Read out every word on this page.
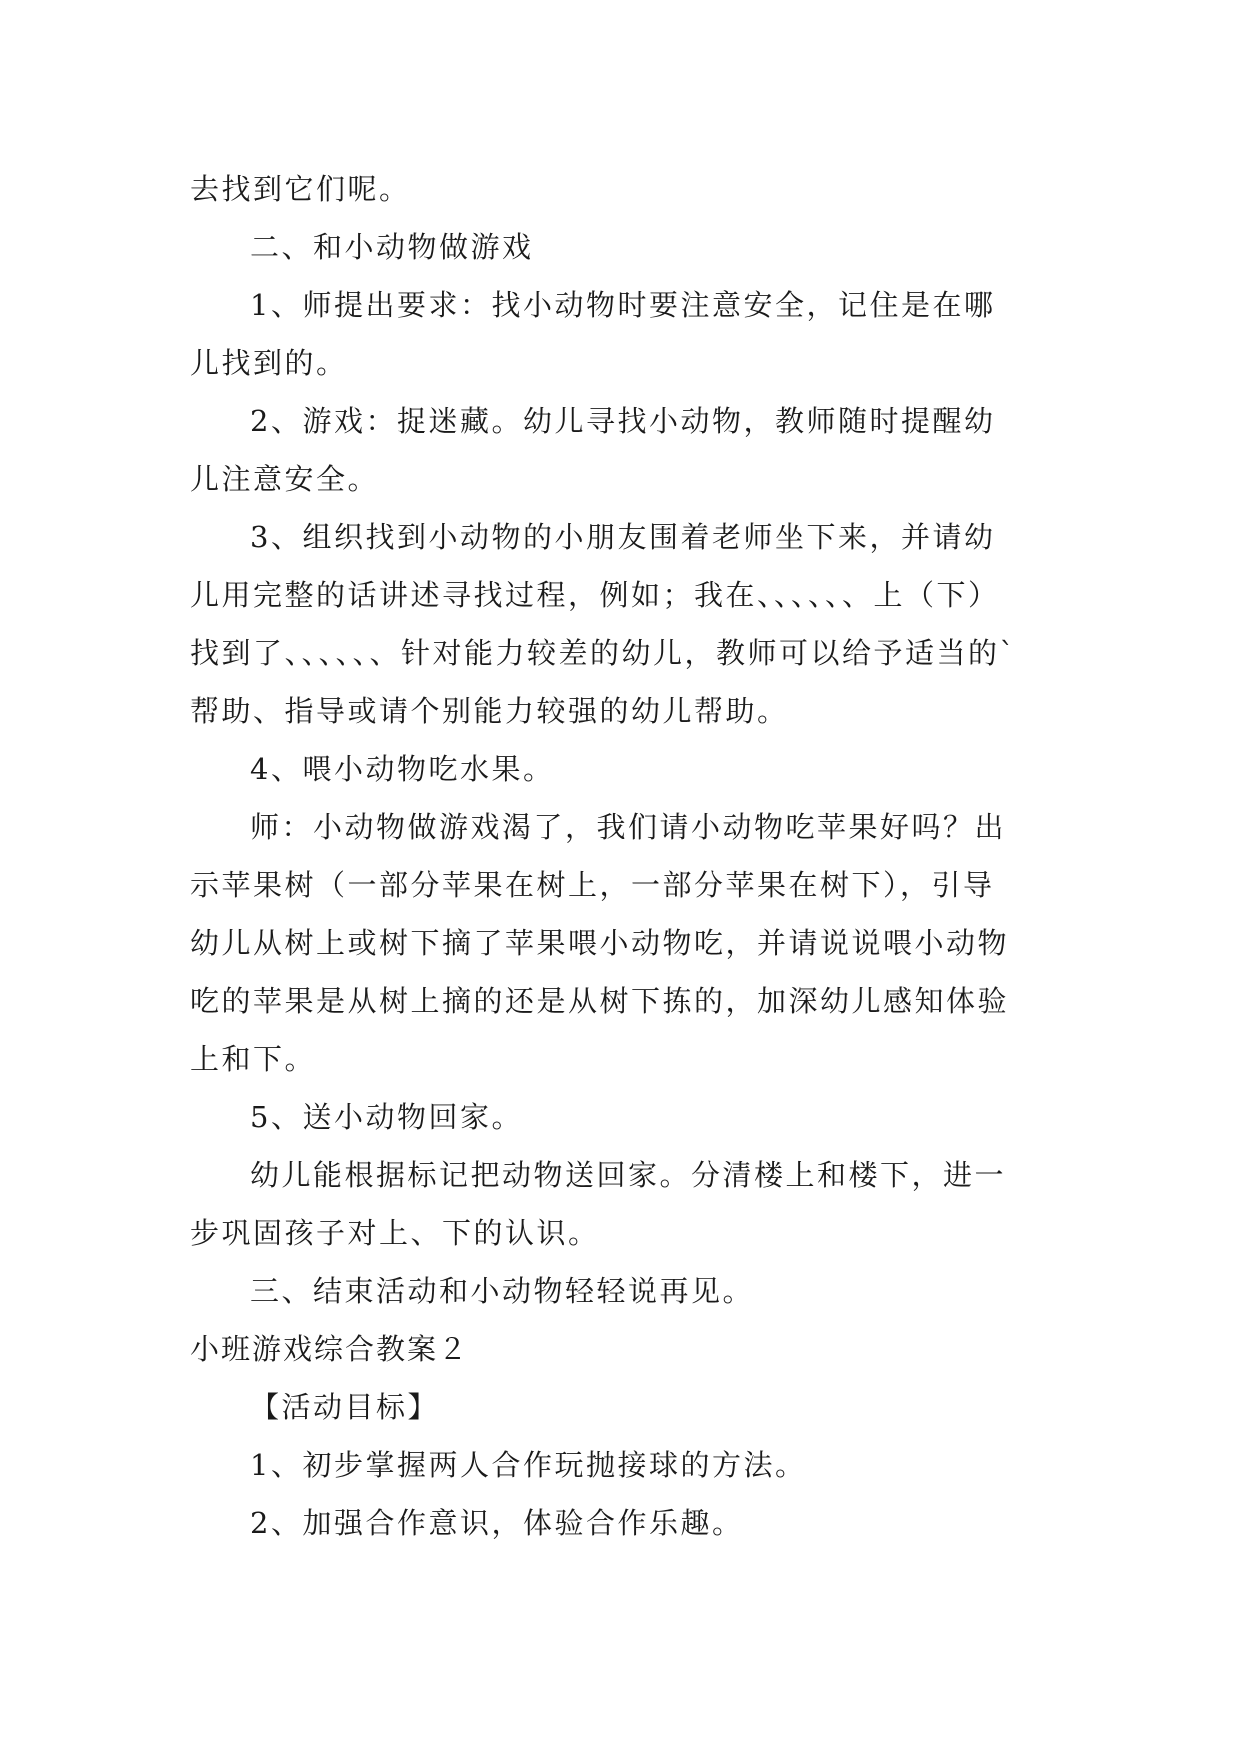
去找到它们呢。
二、和小动物做游戏
1、师提出要求：找小动物时要注意安全，记住是在哪
儿找到的。
2、游戏：捉迷藏。幼儿寻找小动物，教师随时提醒幼
儿注意安全。
3、组织找到小动物的小朋友围着老师坐下来，并请幼
儿用完整的话讲述寻找过程，例如；我在、、、、、、上（下）
找到了、、、、、、针对能力较差的幼儿，教师可以给予适当的`
帮助、指导或请个别能力较强的幼儿帮助。
4、喂小动物吃水果。
师：小动物做游戏渴了，我们请小动物吃苹果好吗？出
示苹果树（一部分苹果在树上，一部分苹果在树下），引导
幼儿从树上或树下摘了苹果喂小动物吃，并请说说喂小动物
吃的苹果是从树上摘的还是从树下拣的，加深幼儿感知体验
上和下。
5、送小动物回家。
幼儿能根据标记把动物送回家。分清楼上和楼下，进一
步巩固孩子对上、下的认识。
三、结束活动和小动物轻轻说再见。
小班游戏综合教案２
【活动目标】
1、初步掌握两人合作玩抛接球的方法。
2、加强合作意识，体验合作乐趣。
